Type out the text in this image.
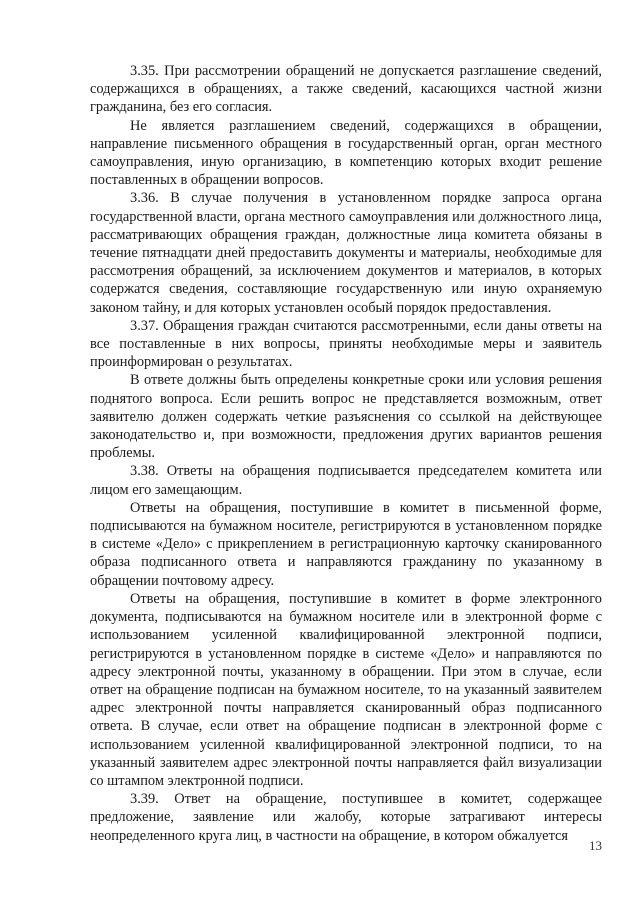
3.35. При рассмотрении обращений не допускается разглашение сведений, содержащихся в обращениях, а также сведений, касающихся частной жизни гражданина, без его согласия.

Не является разглашением сведений, содержащихся в обращении, направление письменного обращения в государственный орган, орган местного самоуправления, иную организацию, в компетенцию которых входит решение поставленных в обращении вопросов.

3.36. В случае получения в установленном порядке запроса органа государственной власти, органа местного самоуправления или должностного лица, рассматривающих обращения граждан, должностные лица комитета обязаны в течение пятнадцати дней предоставить документы и материалы, необходимые для рассмотрения обращений, за исключением документов и материалов, в которых содержатся сведения, составляющие государственную или иную охраняемую законом тайну, и для которых установлен особый порядок предоставления.

3.37. Обращения граждан считаются рассмотренными, если даны ответы на все поставленные в них вопросы, приняты необходимые меры и заявитель проинформирован о результатах.

В ответе должны быть определены конкретные сроки или условия решения поднятого вопроса. Если решить вопрос не представляется возможным, ответ заявителю должен содержать четкие разъяснения со ссылкой на действующее законодательство и, при возможности, предложения других вариантов решения проблемы.

3.38. Ответы на обращения подписывается председателем комитета или лицом его замещающим.

Ответы на обращения, поступившие в комитет в письменной форме, подписываются на бумажном носителе, регистрируются в установленном порядке в системе «Дело» с прикреплением в регистрационную карточку сканированного образа подписанного ответа и направляются гражданину по указанному в обращении почтовому адресу.

Ответы на обращения, поступившие в комитет в форме электронного документа, подписываются на бумажном носителе или в электронной форме с использованием усиленной квалифицированной электронной подписи, регистрируются в установленном порядке в системе «Дело» и направляются по адресу электронной почты, указанному в обращении. При этом в случае, если ответ на обращение подписан на бумажном носителе, то на указанный заявителем адрес электронной почты направляется сканированный образ подписанного ответа. В случае, если ответ на обращение подписан в электронной форме с использованием усиленной квалифицированной электронной подписи, то на указанный заявителем адрес электронной почты направляется файл визуализации со штампом электронной подписи.

3.39. Ответ на обращение, поступившее в комитет, содержащее предложение, заявление или жалобу, которые затрагивают интересы неопределенного круга лиц, в частности на обращение, в котором обжалуется

13
